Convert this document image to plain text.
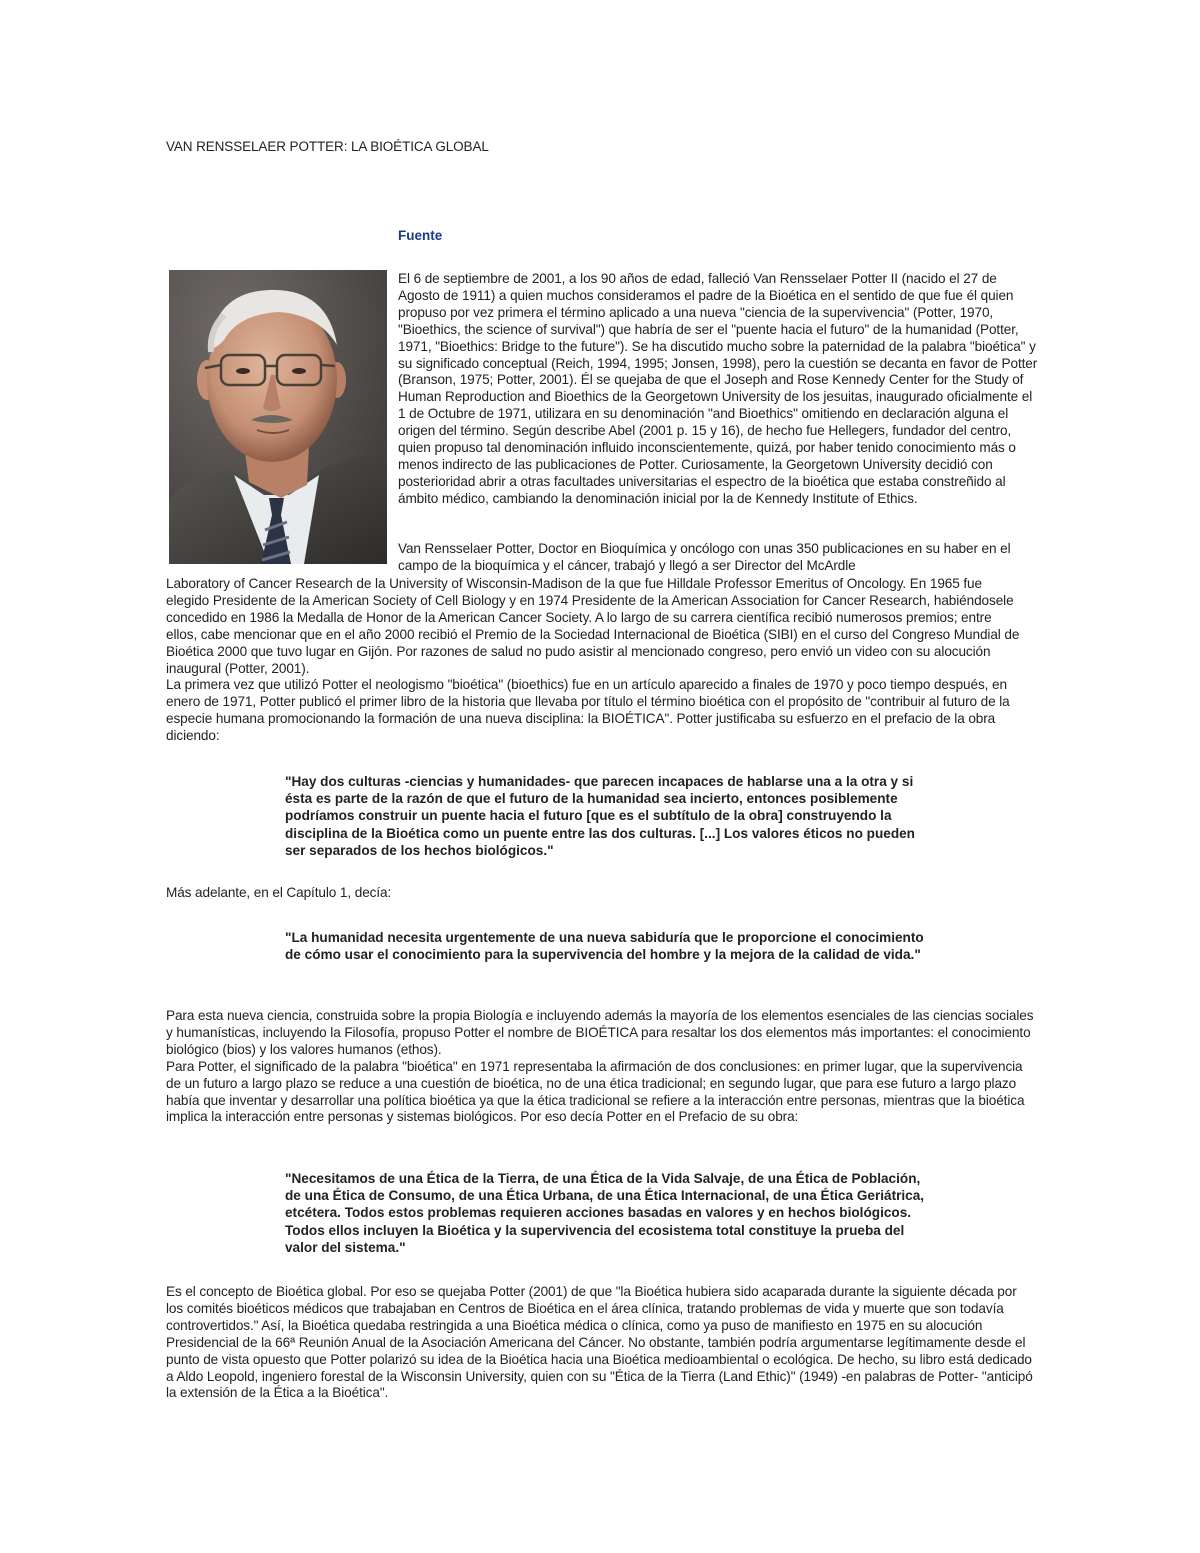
VAN RENSSELAER POTTER: LA BIOÉTICA GLOBAL
Fuente

El 6 de septiembre de 2001, a los 90 años de edad, falleció Van Rensselaer Potter II (nacido el 27 de Agosto de 1911) a quien muchos consideramos el padre de la Bioética en el sentido de que fue él quien propuso por vez primera el término aplicado a una nueva "ciencia de la supervivencia" (Potter, 1970, "Bioethics, the science of survival") que habría de ser el "puente hacia el futuro" de la humanidad (Potter, 1971, "Bioethics: Bridge to the future"). Se ha discutido mucho sobre la paternidad de la palabra "bioética" y su significado conceptual (Reich, 1994, 1995; Jonsen, 1998), pero la cuestión se decanta en favor de Potter (Branson, 1975; Potter, 2001). Él se quejaba de que el Joseph and Rose Kennedy Center for the Study of Human Reproduction and Bioethics de la Georgetown University de los jesuitas, inaugurado oficialmente el 1 de Octubre de 1971, utilizara en su denominación "and Bioethics" omitiendo en declaración alguna el origen del término. Según describe Abel (2001 p. 15 y 16), de hecho fue Hellegers, fundador del centro, quien propuso tal denominación influido inconscientemente, quizá, por haber tenido conocimiento más o menos indirecto de las publicaciones de Potter. Curiosamente, la Georgetown University decidió con posterioridad abrir a otras facultades universitarias el espectro de la bioética que estaba constreñido al ámbito médico, cambiando la denominación inicial por la de Kennedy Institute of Ethics.

Van Rensselaer Potter, Doctor en Bioquímica y oncólogo con unas 350 publicaciones en su haber en el campo de la bioquímica y el cáncer, trabajó y llegó a ser Director del McArdle

Laboratory of Cancer Research de la University of Wisconsin-Madison de la que fue Hilldale Professor Emeritus of Oncology. En 1965 fue elegido Presidente de la American Society of Cell Biology y en 1974 Presidente de la American Association for Cancer Research, habiéndosele concedido en 1986 la Medalla de Honor de la American Cancer Society. A lo largo de su carrera científica recibió numerosos premios; entre ellos, cabe mencionar que en el año 2000 recibió el Premio de la Sociedad Internacional de Bioética (SIBI) en el curso del Congreso Mundial de Bioética 2000 que tuvo lugar en Gijón. Por razones de salud no pudo asistir al mencionado congreso, pero envió un video con su alocución inaugural (Potter, 2001).

La primera vez que utilizó Potter el neologismo "bioética" (bioethics) fue en un artículo aparecido a finales de 1970 y poco tiempo después, en enero de 1971, Potter publicó el primer libro de la historia que llevaba por título el término bioética con el propósito de "contribuir al futuro de la especie humana promocionando la formación de una nueva disciplina: la BIOÉTICA". Potter justificaba su esfuerzo en el prefacio de la obra diciendo:

"Hay dos culturas -ciencias y humanidades- que parecen incapaces de hablarse una a la otra y si ésta es parte de la razón de que el futuro de la humanidad sea incierto, entonces posiblemente podríamos construir un puente hacia el futuro [que es el subtítulo de la obra] construyendo la disciplina de la Bioética como un puente entre las dos culturas. [...] Los valores éticos no pueden ser separados de los hechos biológicos."

Más adelante, en el Capítulo 1, decía:

"La humanidad necesita urgentemente de una nueva sabiduría que le proporcione el conocimiento de cómo usar el conocimiento para la supervivencia del hombre y la mejora de la calidad de vida."

Para esta nueva ciencia, construida sobre la propia Biología e incluyendo además la mayoría de los elementos esenciales de las ciencias sociales y humanísticas, incluyendo la Filosofía, propuso Potter el nombre de BIOÉTICA para resaltar los dos elementos más importantes: el conocimiento biológico (bios) y los valores humanos (ethos).

Para Potter, el significado de la palabra "bioética" en 1971 representaba la afirmación de dos conclusiones: en primer lugar, que la supervivencia de un futuro a largo plazo se reduce a una cuestión de bioética, no de una ética tradicional; en segundo lugar, que para ese futuro a largo plazo había que inventar y desarrollar una política bioética ya que la ética tradicional se refiere a la interacción entre personas, mientras que la bioética implica la interacción entre personas y sistemas biológicos. Por eso decía Potter en el Prefacio de su obra:

"Necesitamos de una Ética de la Tierra, de una Ética de la Vida Salvaje, de una Ética de Población, de una Ética de Consumo, de una Ética Urbana, de una Ética Internacional, de una Ética Geriátrica, etcétera. Todos estos problemas requieren acciones basadas en valores y en hechos biológicos. Todos ellos incluyen la Bioética y la supervivencia del ecosistema total constituye la prueba del valor del sistema."

Es el concepto de Bioética global. Por eso se quejaba Potter (2001) de que "la Bioética hubiera sido acaparada durante la siguiente década por los comités bioéticos médicos que trabajaban en Centros de Bioética en el área clínica, tratando problemas de vida y muerte que son todavía controvertidos." Así, la Bioética quedaba restringida a una Bioética médica o clínica, como ya puso de manifiesto en 1975 en su alocución Presidencial de la 66ª Reunión Anual de la Asociación Americana del Cáncer. No obstante, también podría argumentarse legítimamente desde el punto de vista opuesto que Potter polarizó su idea de la Bioética hacia una Bioética medioambiental o ecológica. De hecho, su libro está dedicado a Aldo Leopold, ingeniero forestal de la Wisconsin University, quien con su "Ética de la Tierra (Land Ethic)" (1949) -en palabras de Potter- "anticipó la extensión de la Ética a la Bioética".
